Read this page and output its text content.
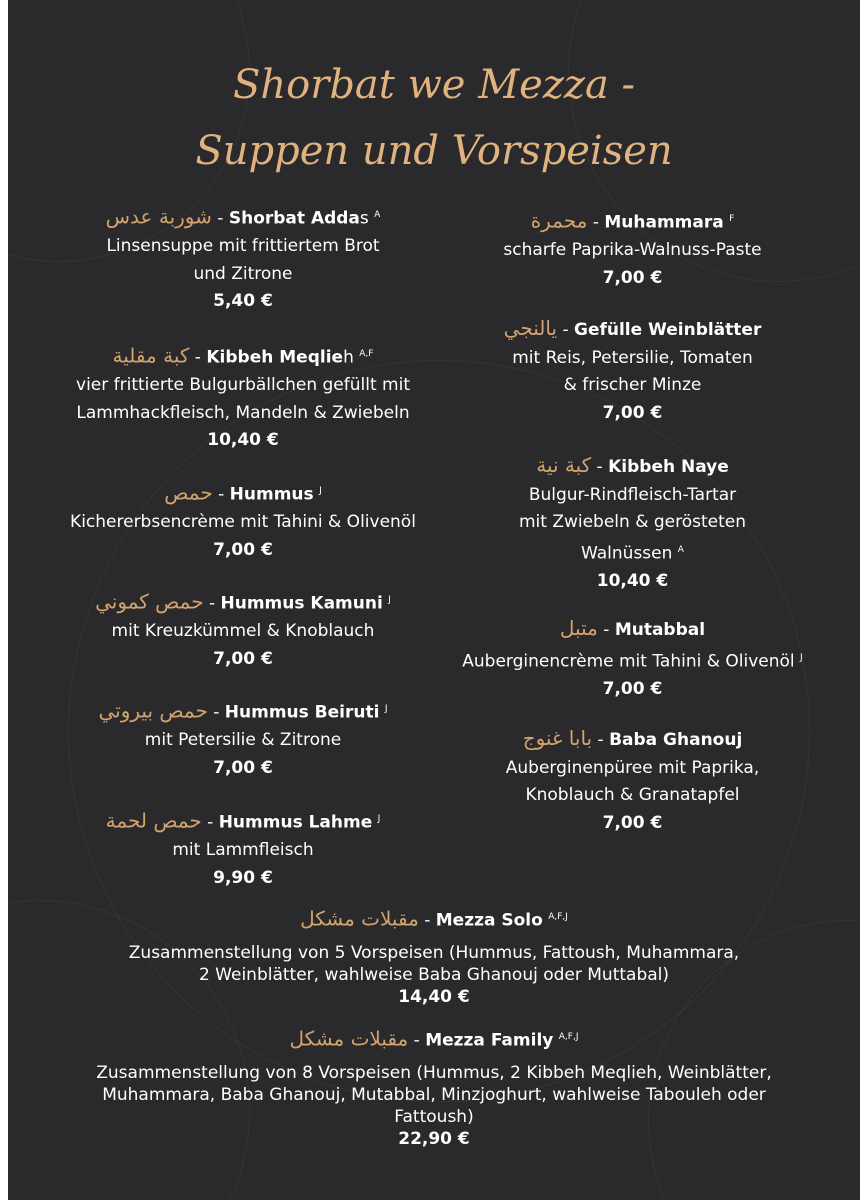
Shorbat we Mezza -
Suppen und Vorspeisen
شوربة عدس - Shorbat Addas $^A$
Linsensuppe mit frittiertem Brot
und Zitrone
5,40 €
كبة مقلية - Kibbeh Meqlieh $^{A,F}$
vier frittierte Bulgurbällchen gefüllt mit
Lammhackfleisch, Mandeln & Zwiebeln
10,40 €
حمص - Hummus $^J$
Kichererbsencrème mit Tahini & Olivenöl
7,00 €
حمص كموني - Hummus Kamuni $^J$
mit Kreuzkümmel & Knoblauch
7,00 €
حمص بيروتي - Hummus Beiruti $^J$
mit Petersilie & Zitrone
7,00 €
حمص لحمة - Hummus Lahme $^J$
mit Lammfleisch
9,90 €
محمرة - Muhammara $^F$
scharfe Paprika-Walnuss-Paste
7,00 €
يالنجي - Gefülle Weinblätter
mit Reis, Petersilie, Tomaten
& frischer Minze
7,00 €
كبة نية - Kibbeh Naye
Bulgur-Rindfleisch-Tartar
mit Zwiebeln & gerösteten
Walnüssen $^A$
10,40 €
متبل - Mutabbal
Auberginencrème mit Tahini & Olivenöl $^J$
7,00 €
بابا غنوج - Baba Ghanouj
Auberginenpüree mit Paprika,
Knoblauch & Granatapfel
7,00 €
مقبلات مشكل - Mezza Solo $^{A,F,J}$
Zusammenstellung von 5 Vorspeisen (Hummus, Fattoush, Muhammara,
2 Weinblätter, wahlweise Baba Ghanouj oder Muttabal)
14,40 €
مقبلات مشكل - Mezza Family $^{A,F,J}$
Zusammenstellung von 8 Vorspeisen (Hummus, 2 Kibbeh Meqlieh, Weinblätter,
Muhammara, Baba Ghanouj, Mutabbal, Minzjoghurt, wahlweise Tabouleh oder
Fattoush)
22,90 €
